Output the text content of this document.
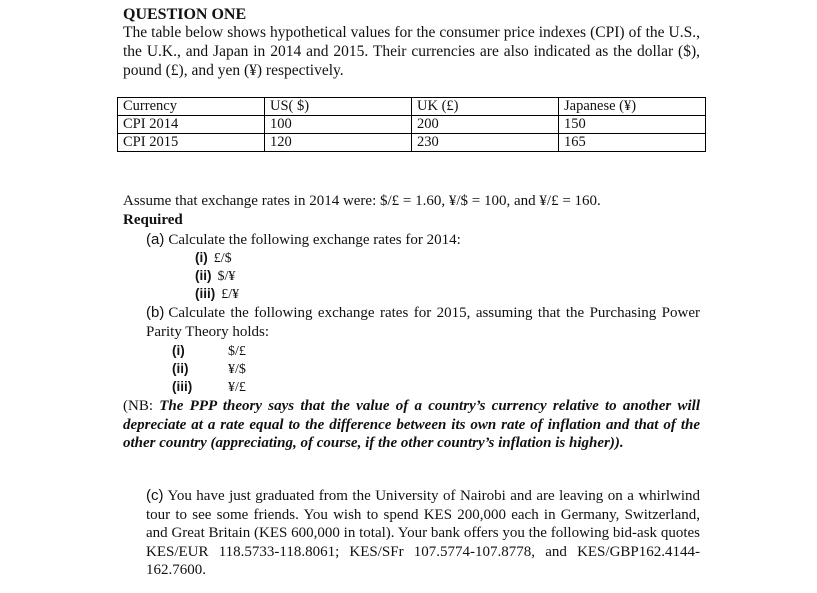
QUESTION ONE
The table below shows hypothetical values for the consumer price indexes (CPI) of the U.S., the U.K., and Japan in 2014 and 2015. Their currencies are also indicated as the dollar ($), pound (£), and yen (¥) respectively.
Currency	US( $)	UK (£)	Japanese (¥)
CPI 2014	100	200	150
CPI 2015	120	230	165
Assume that exchange rates in 2014 were: $/£ = 1.60, ¥/$ = 100, and ¥/£ = 160.
Required
(a) Calculate the following exchange rates for 2014:
(i) £/$
(ii) $/¥
(iii) £/¥
(b) Calculate the following exchange rates for 2015, assuming that the Purchasing Power Parity Theory holds:
(i)	$/£
(ii)	¥/$
(iii)	¥/£
(NB: The PPP theory says that the value of a country’s currency relative to another will depreciate at a rate equal to the difference between its own rate of inflation and that of the other country (appreciating, of course, if the other country’s inflation is higher)).
(c) You have just graduated from the University of Nairobi and are leaving on a whirlwind tour to see some friends. You wish to spend KES 200,000 each in Germany, Switzerland, and Great Britain (KES 600,000 in total). Your bank offers you the following bid-ask quotes KES/EUR 118.5733-118.8061; KES/SFr 107.5774-107.8778, and KES/GBP162.4144-162.7600.
